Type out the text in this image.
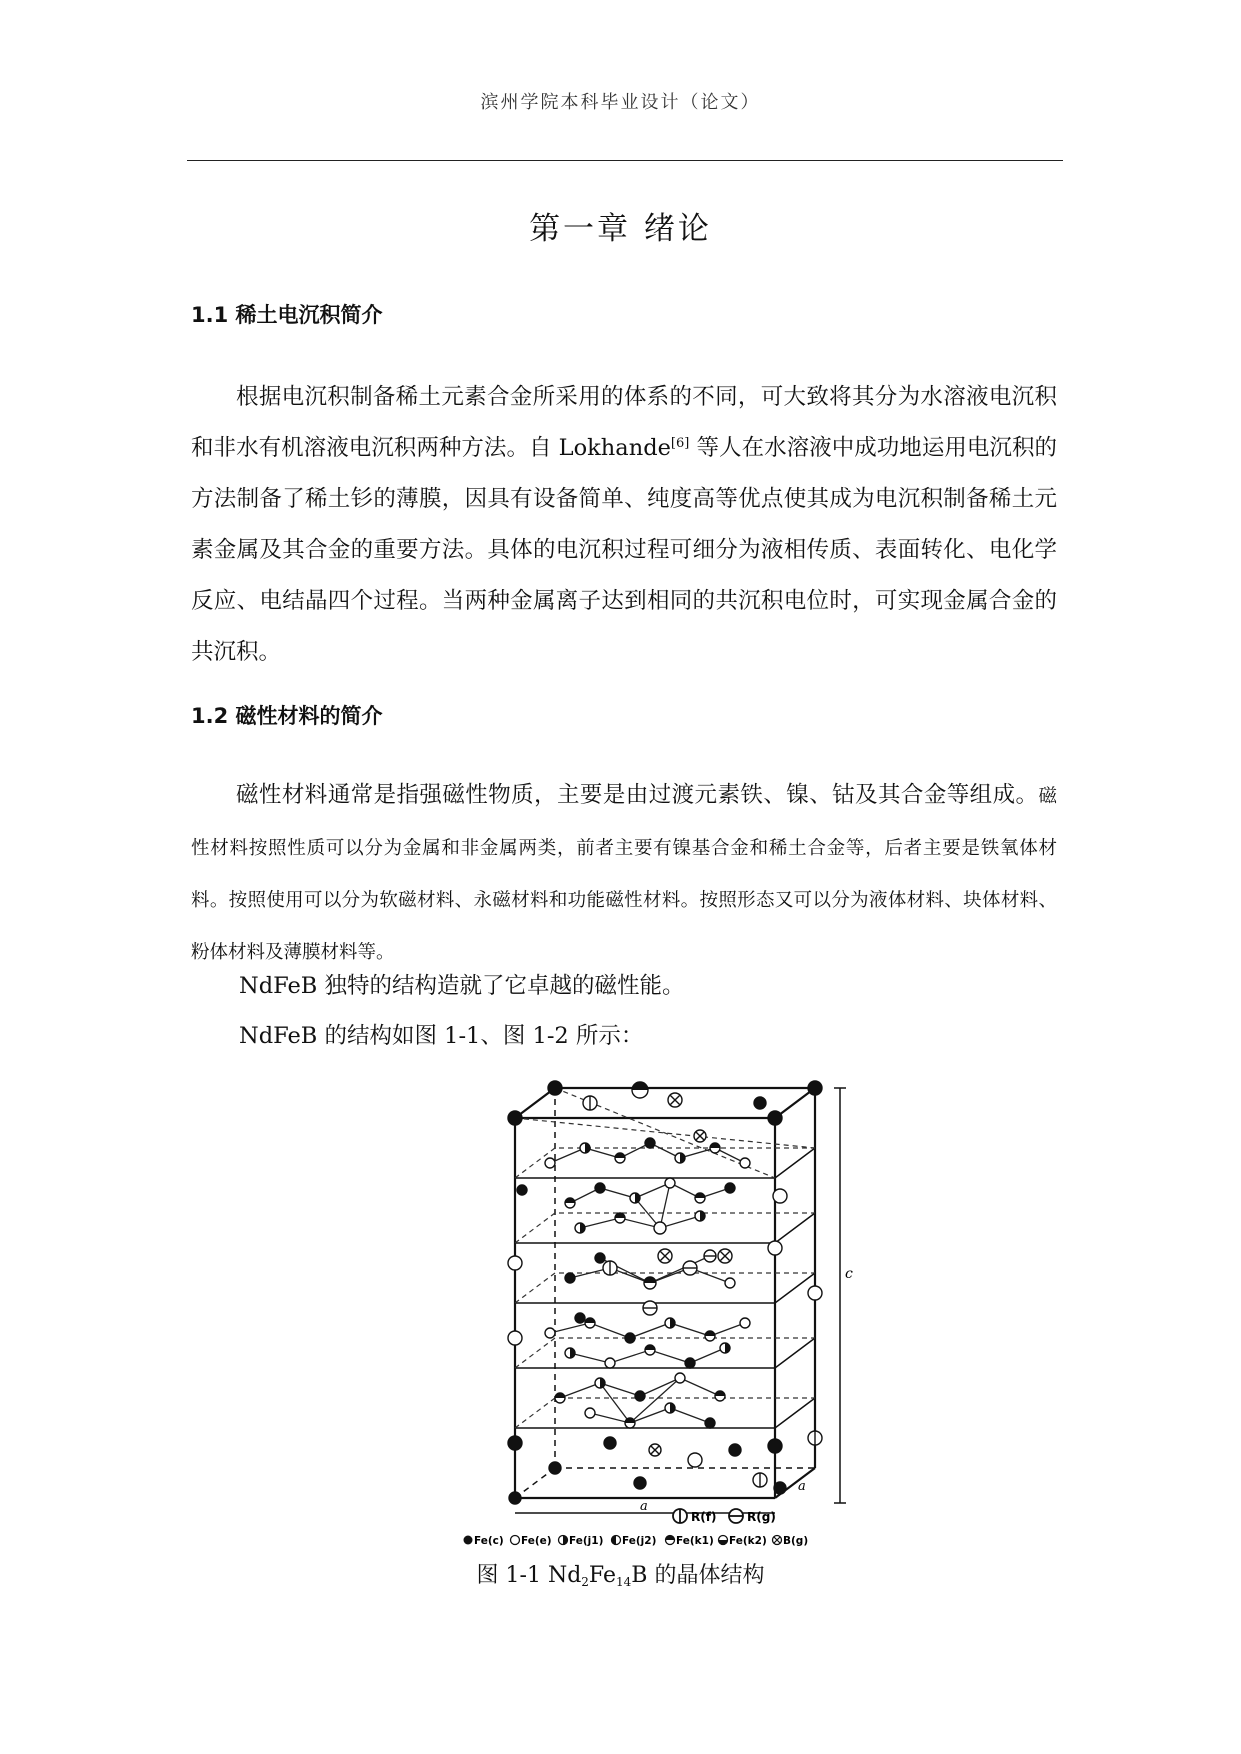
滨州学院本科毕业设计（论文）
第一章 绪论
1.1 稀土电沉积简介

根据电沉积制备稀土元素合金所采用的体系的不同，可大致将其分为水溶液电沉积和非水有机溶液电沉积两种方法。自 Lokhande[6] 等人在水溶液中成功地运用电沉积的方法制备了稀土钐的薄膜，因具有设备简单、纯度高等优点使其成为电沉积制备稀土元素金属及其合金的重要方法。具体的电沉积过程可细分为液相传质、表面转化、电化学反应、电结晶四个过程。当两种金属离子达到相同的共沉积电位时，可实现金属合金的共沉积。

1.2 磁性材料的简介

磁性材料通常是指强磁性物质，主要是由过渡元素铁、镍、钴及其合金等组成。磁性材料按照性质可以分为金属和非金属两类，前者主要有镍基合金和稀土合金等，后者主要是铁氧体材料。按照使用可以分为软磁材料、永磁材料和功能磁性材料。按照形态又可以分为液体材料、块体材料、粉体材料及薄膜材料等。

NdFeB 独特的结构造就了它卓越的磁性能。
NdFeB 的结构如图 1-1、图 1-2 所示：
c
a
a
R(f)	R(g)
Fe(c) Fe(e) Fe(j1) Fe(j2) Fe(k1) Fe(k2) B(g)
图 1-1 $Nd_2Fe_{14}B$ 的晶体结构
